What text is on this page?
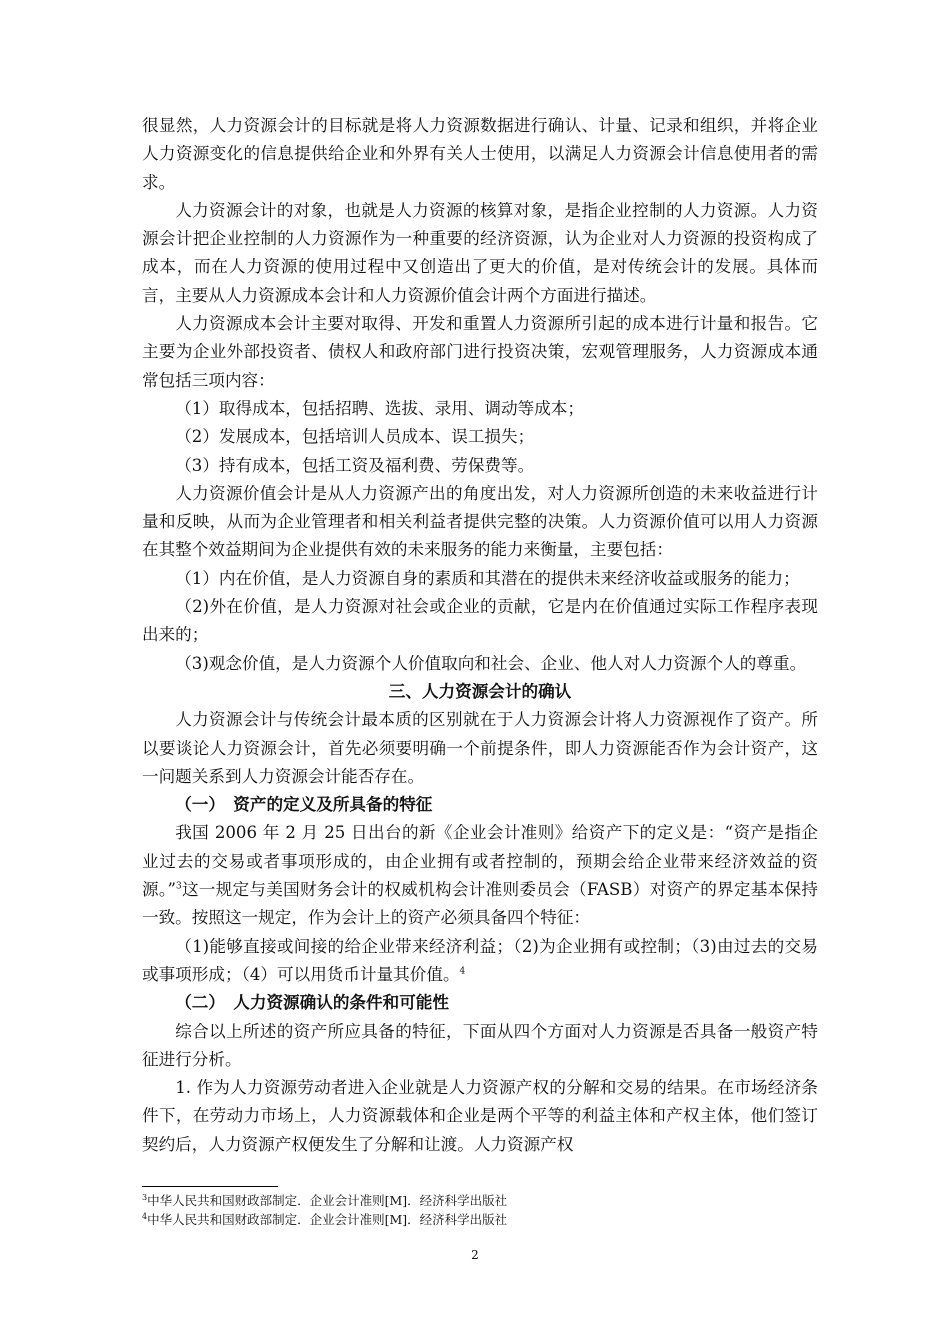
很显然，人力资源会计的目标就是将人力资源数据进行确认、计量、记录和组织，并将企业人力资源变化的信息提供给企业和外界有关人士使用，以满足人力资源会计信息使用者的需求。

人力资源会计的对象，也就是人力资源的核算对象，是指企业控制的人力资源。人力资源会计把企业控制的人力资源作为一种重要的经济资源，认为企业对人力资源的投资构成了成本，而在人力资源的使用过程中又创造出了更大的价值，是对传统会计的发展。具体而言，主要从人力资源成本会计和人力资源价值会计两个方面进行描述。

人力资源成本会计主要对取得、开发和重置人力资源所引起的成本进行计量和报告。它主要为企业外部投资者、债权人和政府部门进行投资决策，宏观管理服务，人力资源成本通常包括三项内容：

（1）取得成本，包括招聘、选拔、录用、调动等成本；

（2）发展成本，包括培训人员成本、误工损失；

（3）持有成本，包括工资及福利费、劳保费等。

人力资源价值会计是从人力资源产出的角度出发，对人力资源所创造的未来收益进行计量和反映，从而为企业管理者和相关利益者提供完整的决策。人力资源价值可以用人力资源在其整个效益期间为企业提供有效的未来服务的能力来衡量，主要包括：

（1）内在价值，是人力资源自身的素质和其潜在的提供未来经济收益或服务的能力；

（2)外在价值，是人力资源对社会或企业的贡献，它是内在价值通过实际工作程序表现出来的；

（3)观念价值，是人力资源个人价值取向和社会、企业、他人对人力资源个人的尊重。

三、人力资源会计的确认

人力资源会计与传统会计最本质的区别就在于人力资源会计将人力资源视作了资产。所以要谈论人力资源会计，首先必须要明确一个前提条件，即人力资源能否作为会计资产，这一问题关系到人力资源会计能否存在。

（一）　资产的定义及所具备的特征

我国 2006 年 2 月 25 日出台的新《企业会计准则》给资产下的定义是：“资产是指企业过去的交易或者事项形成的，由企业拥有或者控制的，预期会给企业带来经济效益的资源。”$^3$这一规定与美国财务会计的权威机构会计准则委员会（FASB）对资产的界定基本保持一致。按照这一规定，作为会计上的资产必须具备四个特征：

（1)能够直接或间接的给企业带来经济利益；（2)为企业拥有或控制；（3)由过去的交易或事项形成；（4）可以用货币计量其价值。$^4$

（二）　人力资源确认的条件和可能性

综合以上所述的资产所应具备的特征，下面从四个方面对人力资源是否具备一般资产特征进行分析。

1. 作为人力资源劳动者进入企业就是人力资源产权的分解和交易的结果。在市场经济条件下，在劳动力市场上，人力资源载体和企业是两个平等的利益主体和产权主体，他们签订契约后，人力资源产权便发生了分解和让渡。人力资源产权

$^3$中华人民共和国财政部制定．企业会计准则[M]．经济科学出版社
$^4$中华人民共和国财政部制定．企业会计准则[M]．经济科学出版社
2
